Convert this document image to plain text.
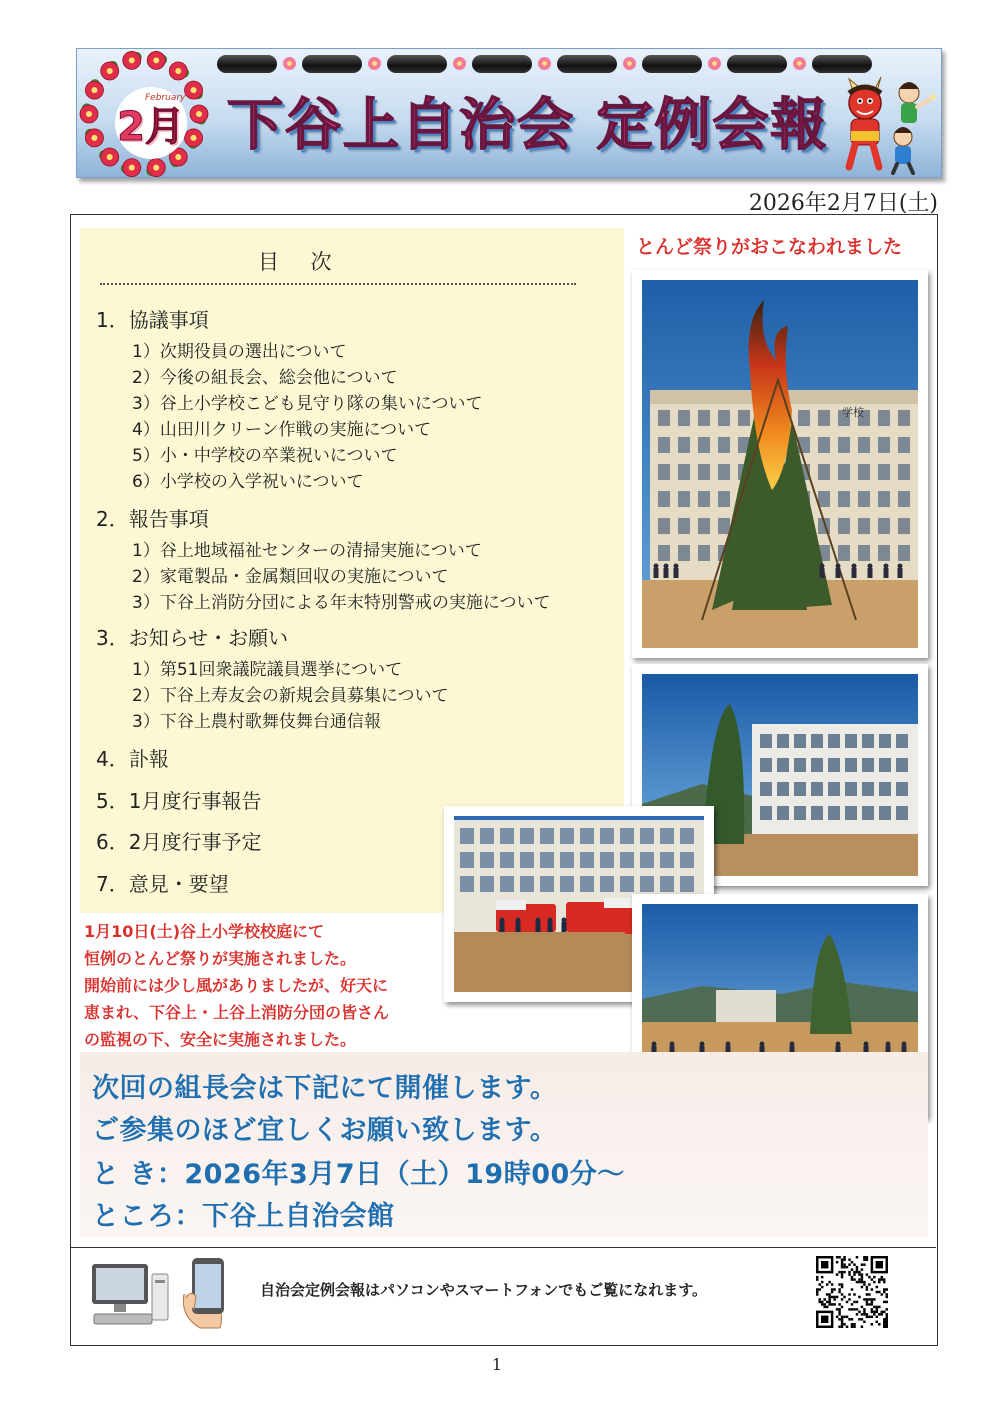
下谷上自治会 定例会報
2月
February
2026年2月7日(土)
目次
1．協議事項
1）次期役員の選出について
2）今後の組長会、総会他について
3）谷上小学校こども見守り隊の集いについて
4）山田川クリーン作戦の実施について
5）小・中学校の卒業祝いについて
6）小学校の入学祝いについて
2．報告事項
1）谷上地域福祉センターの清掃実施について
2）家電製品・金属類回収の実施について
3）下谷上消防分団による年末特別警戒の実施について
3．お知らせ・お願い
1）第51回衆議院議員選挙について
2）下谷上寿友会の新規会員募集について
3）下谷上農村歌舞伎舞台通信報
4．訃報
5．1月度行事報告
6．2月度行事予定
7．意見・要望
とんど祭りがおこなわれました
学校
1月10日(土)谷上小学校校庭にて
恒例のとんど祭りが実施されました。
開始前には少し風がありましたが、好天に
恵まれ、下谷上・上谷上消防分団の皆さん
の監視の下、安全に実施されました。
次回の組長会は下記にて開催します。
ご参集のほど宜しくお願い致します。
と き：2026年3月7日（土）19時00分～
ところ：下谷上自治会館
自治会定例会報はパソコンやスマートフォンでもご覧になれます。
1
